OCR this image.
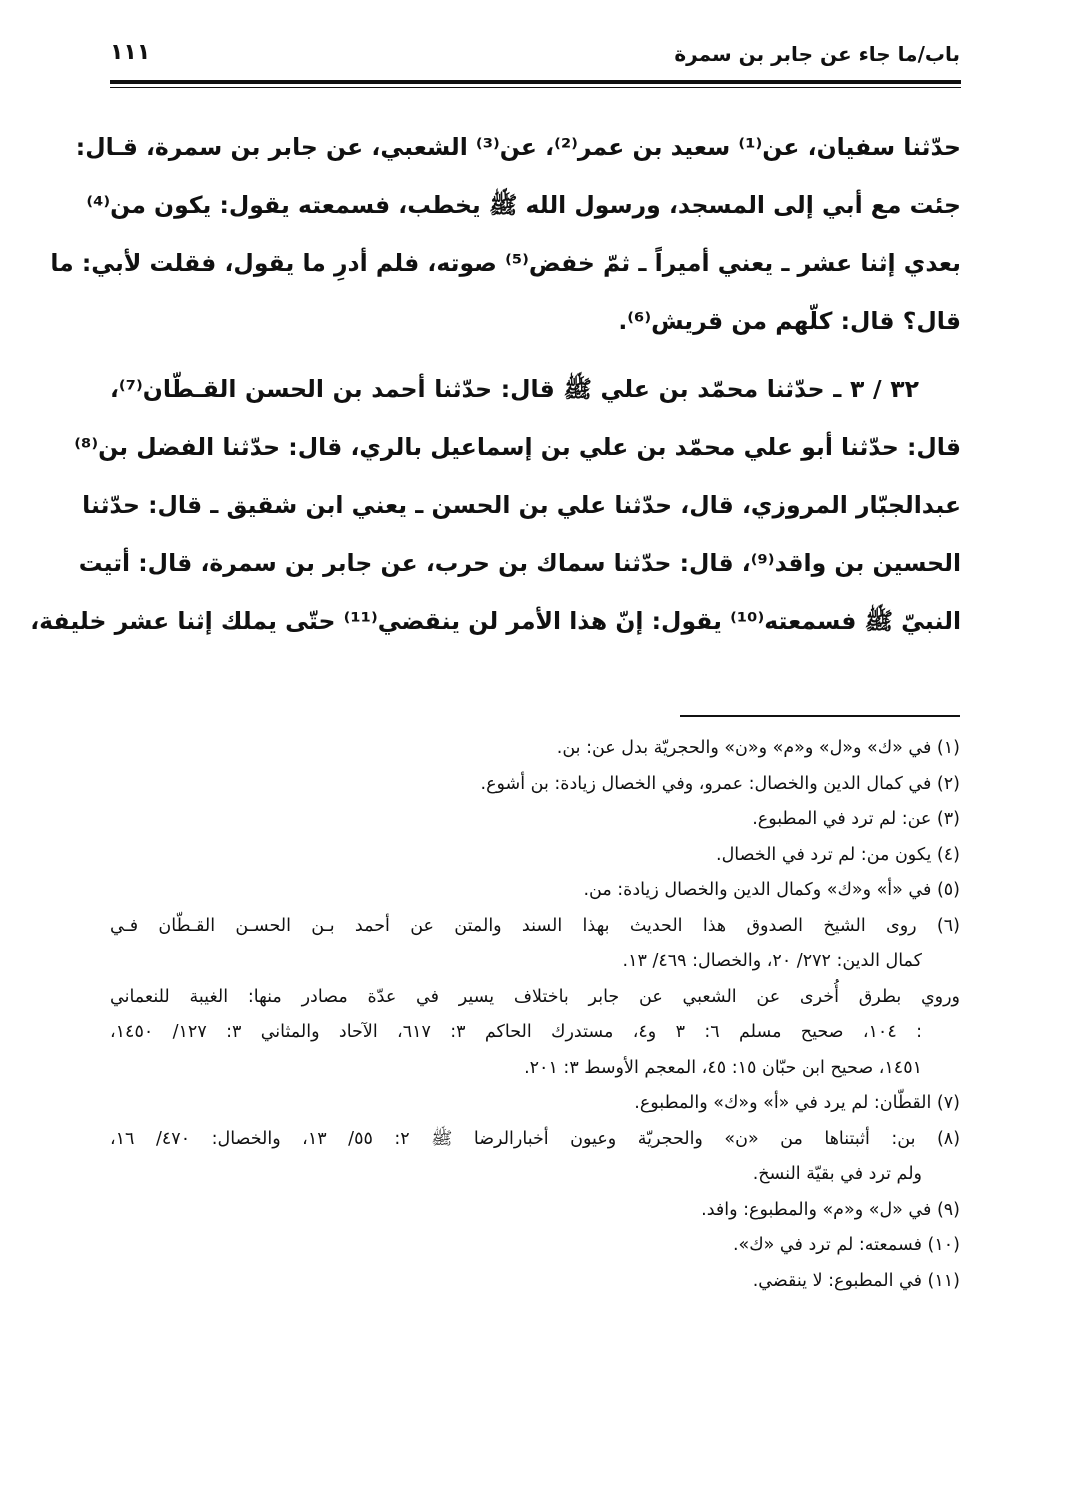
باب/ما جاء عن جابر بن سمرة
١١١
حدّثنا سفيان، عن⁽¹⁾ سعيد بن عمر⁽²⁾، عن⁽³⁾ الشعبي، عن جابر بن سمرة، قـال:
جئت مع أبي إلى المسجد، ورسول الله ﷺ يخطب، فسمعته يقول: يكون من⁽⁴⁾
بعدي إثنا عشر ـ يعني أميراً ـ ثمّ خفض⁽⁵⁾ صوته، فلم أدرِ ما يقول، فقلت لأبي: ما
قال؟ قال: كلّهم من قريش⁽⁶⁾.
٣٢ / ٣ ـ حدّثنا محمّد بن علي ﷺ قال: حدّثنا أحمد بن الحسن القـطّان⁽⁷⁾،
قال: حدّثنا أبو علي محمّد بن علي بن إسماعيل بالري، قال: حدّثنا الفضل بن⁽⁸⁾
عبدالجبّار المروزي، قال، حدّثنا علي بن الحسن ـ يعني ابن شقيق ـ قال: حدّثنا
الحسين بن واقد⁽⁹⁾، قال: حدّثنا سماك بن حرب، عن جابر بن سمرة، قال: أتيت
النبيّ ﷺ فسمعته⁽¹⁰⁾ يقول: إنّ هذا الأمر لن ينقضي⁽¹¹⁾ حتّى يملك إثنا عشر خليفة،
(١) في «ك» و«ل» و«م» و«ن» والحجريّة بدل عن: بن.
(٢) في كمال الدين والخصال: عمرو، وفي الخصال زيادة: بن أشوع.
(٣) عن: لم ترد في المطبوع.
(٤) يكون من: لم ترد في الخصال.
(٥) في «أ» و«ك» وكمال الدين والخصال زيادة: من.
(٦) روى الشيخ الصدوق هذا الحديث بهذا السند والمتن عن أحمد بـن الحسـن القـطّان فـي
كمال الدين: ٢٧٢/ ٢٠، والخصال: ٤٦٩/ ١٣.
وروي بطرق أُخرى عن الشعبي عن جابر باختلاف يسير في عدّة مصادر منها: الغيبة للنعماني
: ١٠٤، صحيح مسلم ٦: ٣ و٤، مستدرك الحاكم ٣: ٦١٧، الآحاد والمثاني ٣: ١٢٧/ ١٤٥٠،
١٤٥١، صحيح ابن حبّان ١٥: ٤٥، المعجم الأوسط ٣: ٢٠١.
(٧) القطّان: لم يرد في «أ» و«ك» والمطبوع.
(٨) بن: أثبتناها من «ن» والحجريّة وعيون أخبارالرضا ﷺ ٢: ٥٥/ ١٣، والخصال: ٤٧٠/ ١٦،
ولم ترد في بقيّة النسخ.
(٩) في «ل» و«م» والمطبوع: وافد.
(١٠) فسمعته: لم ترد في «ك».
(١١) في المطبوع: لا ينقضي.
